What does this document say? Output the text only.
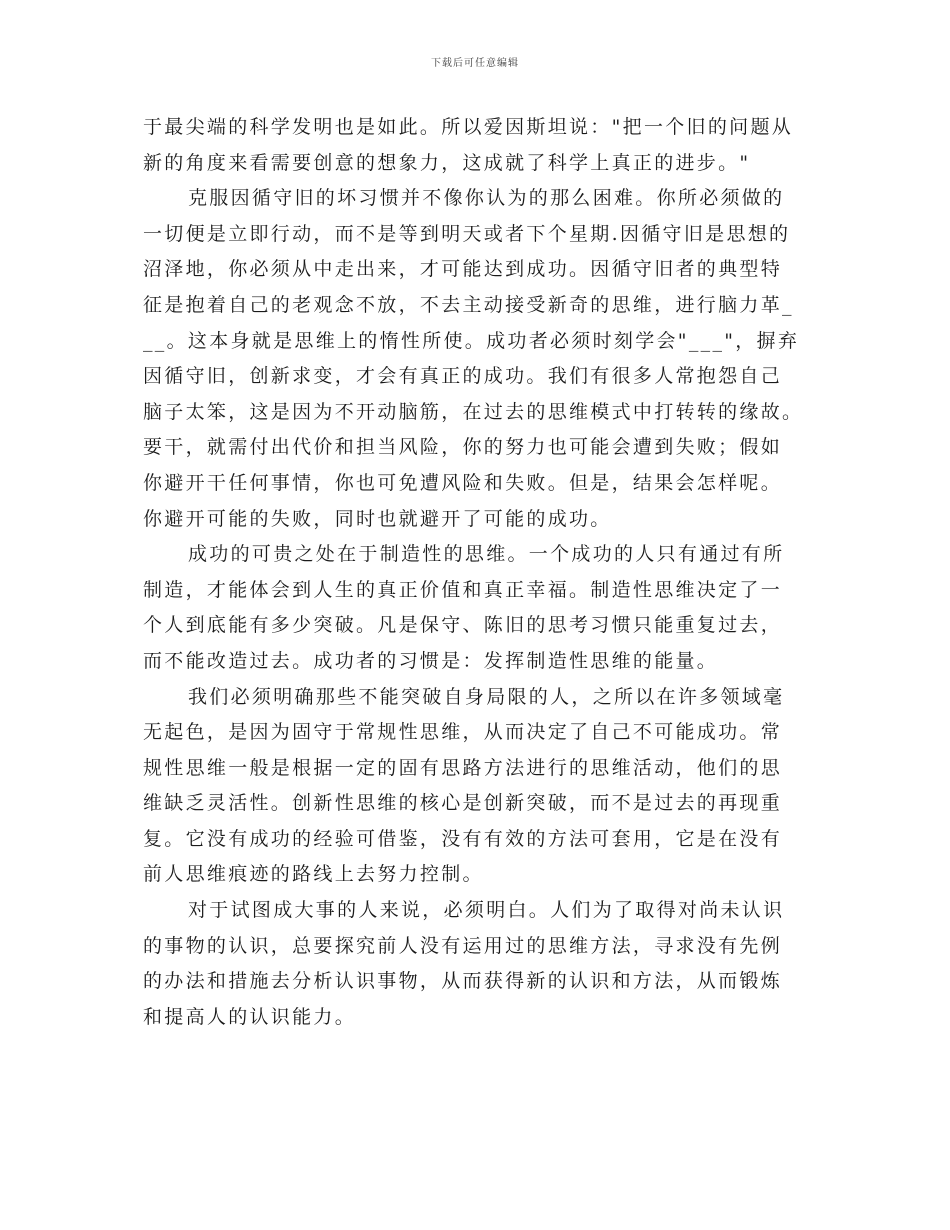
下载后可任意编辑
于最尖端的科学发明也是如此。所以爱因斯坦说："把一个旧的问题从
新的角度来看需要创意的想象力，这成就了科学上真正的进步。"
克服因循守旧的坏习惯并不像你认为的那么困难。你所必须做的
一切便是立即行动，而不是等到明天或者下个星期.因循守旧是思想的
沼泽地，你必须从中走出来，才可能达到成功。因循守旧者的典型特
征是抱着自己的老观念不放，不去主动接受新奇的思维，进行脑力革_
__。这本身就是思维上的惰性所使。成功者必须时刻学会"___"，摒弃
因循守旧，创新求变，才会有真正的成功。我们有很多人常抱怨自己
脑子太笨，这是因为不开动脑筋，在过去的思维模式中打转转的缘故。
要干，就需付出代价和担当风险，你的努力也可能会遭到失败；假如
你避开干任何事情，你也可免遭风险和失败。但是，结果会怎样呢。
你避开可能的失败，同时也就避开了可能的成功。
成功的可贵之处在于制造性的思维。一个成功的人只有通过有所
制造，才能体会到人生的真正价值和真正幸福。制造性思维决定了一
个人到底能有多少突破。凡是保守、陈旧的思考习惯只能重复过去，
而不能改造过去。成功者的习惯是：发挥制造性思维的能量。
我们必须明确那些不能突破自身局限的人，之所以在许多领域毫
无起色，是因为固守于常规性思维，从而决定了自己不可能成功。常
规性思维一般是根据一定的固有思路方法进行的思维活动，他们的思
维缺乏灵活性。创新性思维的核心是创新突破，而不是过去的再现重
复。它没有成功的经验可借鉴，没有有效的方法可套用，它是在没有
前人思维痕迹的路线上去努力控制。
对于试图成大事的人来说，必须明白。人们为了取得对尚未认识
的事物的认识，总要探究前人没有运用过的思维方法，寻求没有先例
的办法和措施去分析认识事物，从而获得新的认识和方法，从而锻炼
和提高人的认识能力。
